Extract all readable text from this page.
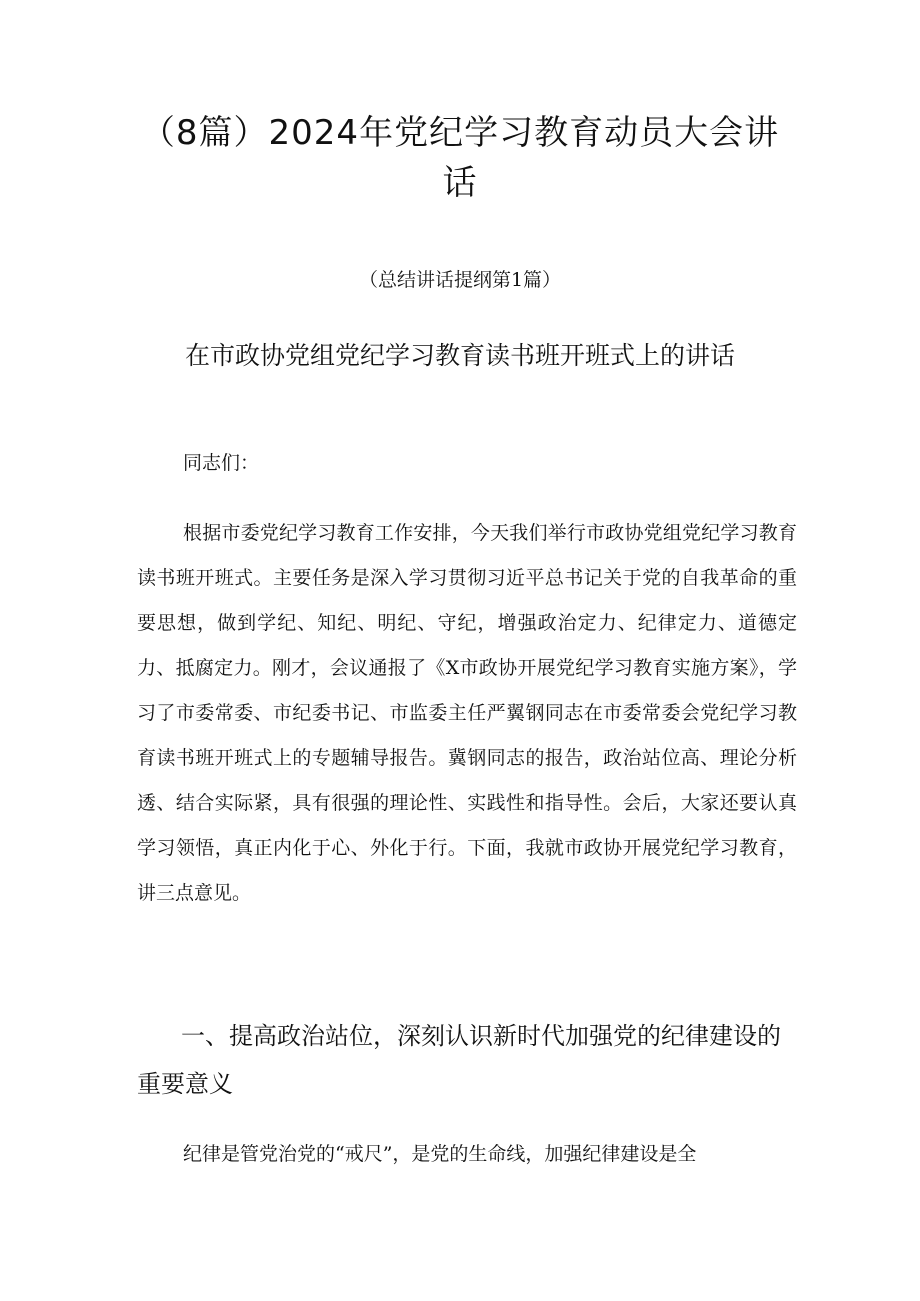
（8篇）2024年党纪学习教育动员大会讲话

（总结讲话提纲第1篇）

在市政协党组党纪学习教育读书班开班式上的讲话

同志们：

根据市委党纪学习教育工作安排，今天我们举行市政协党组党纪学习教育读书班开班式。主要任务是深入学习贯彻习近平总书记关于党的自我革命的重要思想，做到学纪、知纪、明纪、守纪，增强政治定力、纪律定力、道德定力、抵腐定力。刚才，会议通报了《X市政协开展党纪学习教育实施方案》，学习了市委常委、市纪委书记、市监委主任严翼钢同志在市委常委会党纪学习教育读书班开班式上的专题辅导报告。冀钢同志的报告，政治站位高、理论分析透、结合实际紧，具有很强的理论性、实践性和指导性。会后，大家还要认真学习领悟，真正内化于心、外化于行。下面，我就市政协开展党纪学习教育，讲三点意见。

一、提高政治站位，深刻认识新时代加强党的纪律建设的重要意义

纪律是管党治党的“戒尺”，是党的生命线，加强纪律建设是全
